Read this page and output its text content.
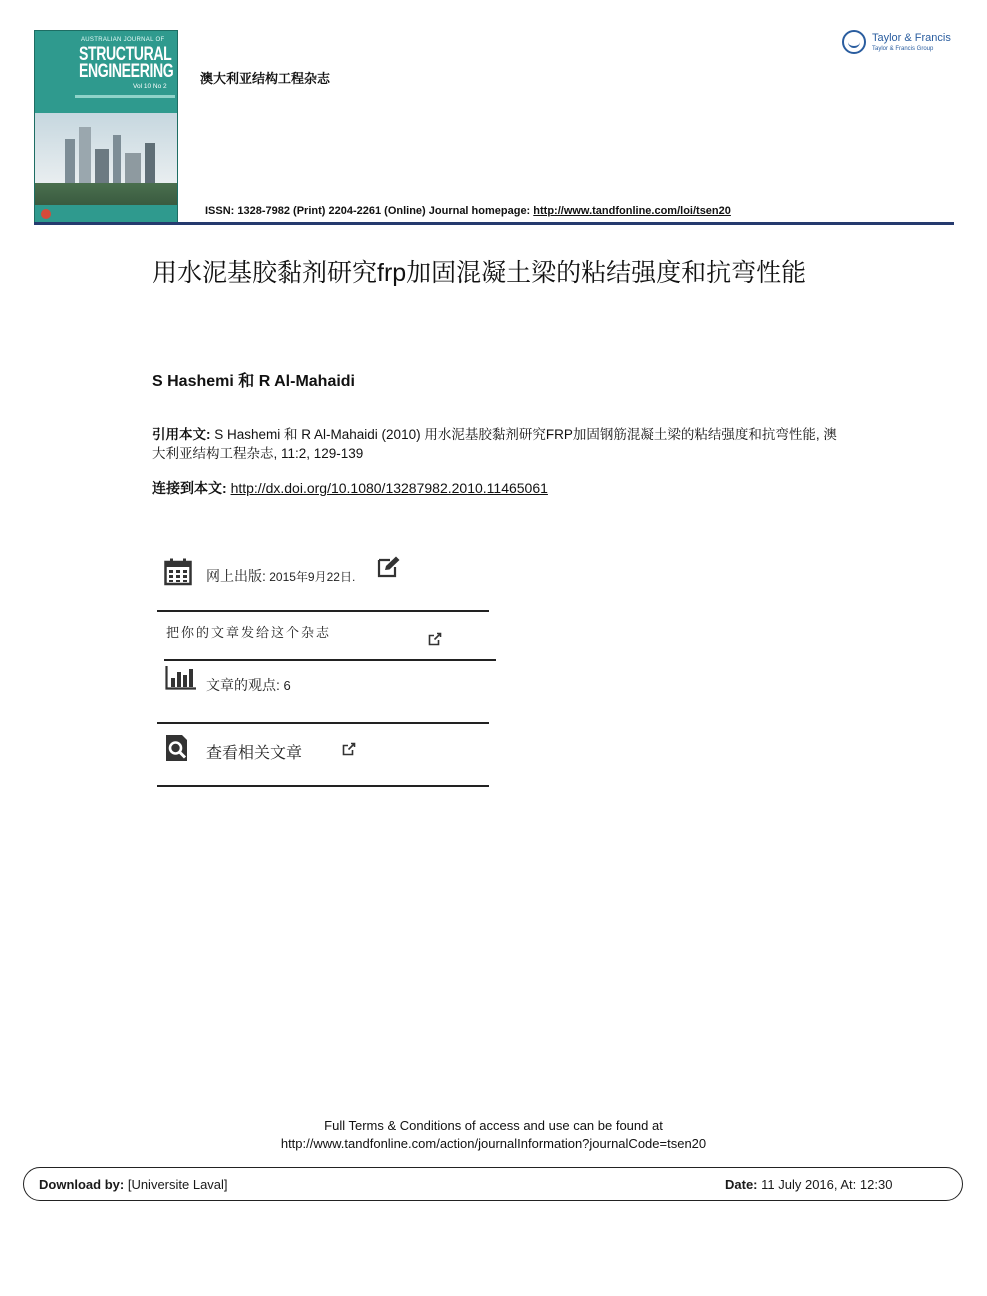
AUSTRALIAN JOURNAL OF
STRUCTURAL
ENGINEERING
Vol 10 No 2
澳大利亚结构工程杂志
Taylor & Francis
Taylor & Francis Group
ISSN: 1328-7982 (Print) 2204-2261 (Online) Journal homepage: http://www.tandfonline.com/loi/tsen20
用水泥基胶黏剂研究frp加固混凝土梁的粘结强度和抗弯性能
S Hashemi 和 R Al-Mahaidi
引用本文: S Hashemi 和 R Al-Mahaidi (2010) 用水泥基胶黏剂研究FRP加固钢筋混凝土梁的粘结强度和抗弯性能, 澳大利亚结构工程杂志, 11:2, 129-139
连接到本文: http://dx.doi.org/10.1080/13287982.2010.11465061
网上出版: 2015年9月22日.
把你的文章发给这个杂志
文章的观点: 6
查看相关文章
Full Terms & Conditions of access and use can be found at
http://www.tandfonline.com/action/journalInformation?journalCode=tsen20
Download by: [Universite Laval]	Date: 11 July 2016, At: 12:30
